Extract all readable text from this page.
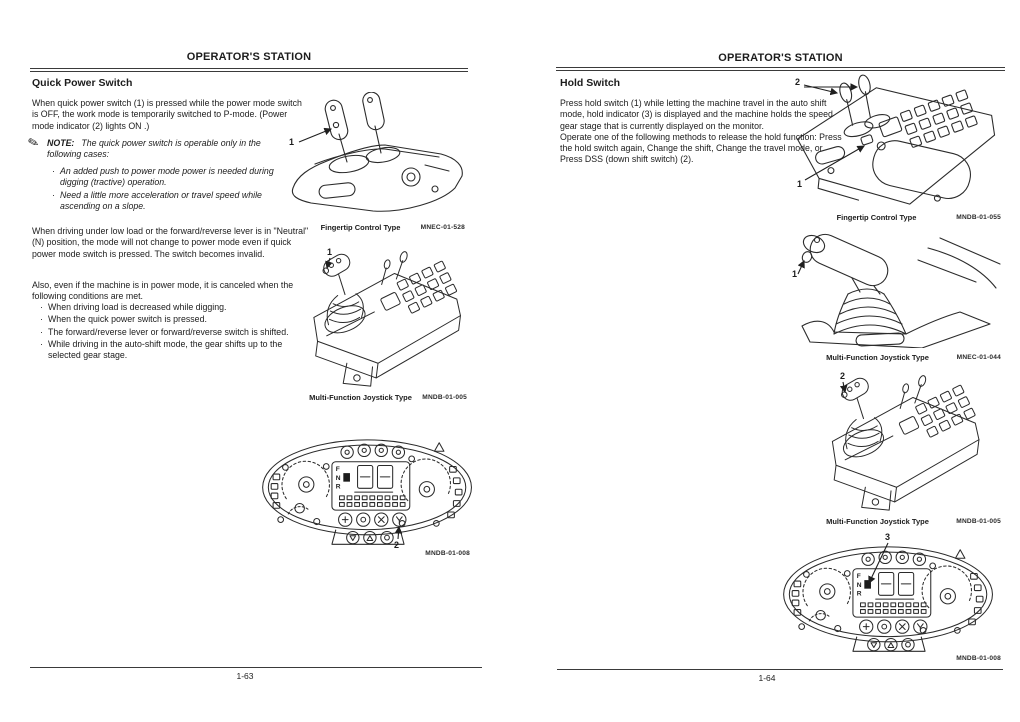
OPERATOR'S STATION
Quick Power Switch

When quick power switch (1) is pressed while the power mode switch is OFF, the work mode is temporarily switched to P-mode. (Power mode indicator (2) lights ON .)

✎ NOTE: The quick power switch is operable only in the following cases:

· An added push to power mode power is needed during digging (tractive) operation.
· Need a little more acceleration or travel speed while ascending on a slope.

When driving under low load or the forward/reverse lever is in "Neutral" (N) position, the mode will not change to power mode even if quick power mode switch is pressed. The switch becomes invalid.

Also, even if the machine is in power mode, it is canceled when the following conditions are met.

· When driving load is decreased while digging.
· When the quick power switch is pressed.
· The forward/reverse lever or forward/reverse switch is shifted.
· While driving in the auto-shift mode, the gear shifts up to the selected gear stage.
1
Fingertip Control Type	MNEC-01-528
1
Multi-Function Joystick Type	MNDB-01-005
2
MNDB-01-008
1-63
OPERATOR'S STATION
Hold Switch

Press hold switch (1) while letting the machine travel in the auto shift mode, hold indicator (3) is displayed and the machine holds the speed gear stage that is currently displayed on the monitor.

Operate one of the following methods to release the hold function: Press the hold switch again, Change the shift, Change the travel mode, or Press DSS (down shift switch) (2).

2
1
Fingertip Control Type	MNDB-01-055
1
Multi-Function Joystick Type	MNEC-01-044
2
Multi-Function Joystick Type	MNDB-01-005
3
MNDB-01-008
1-64
